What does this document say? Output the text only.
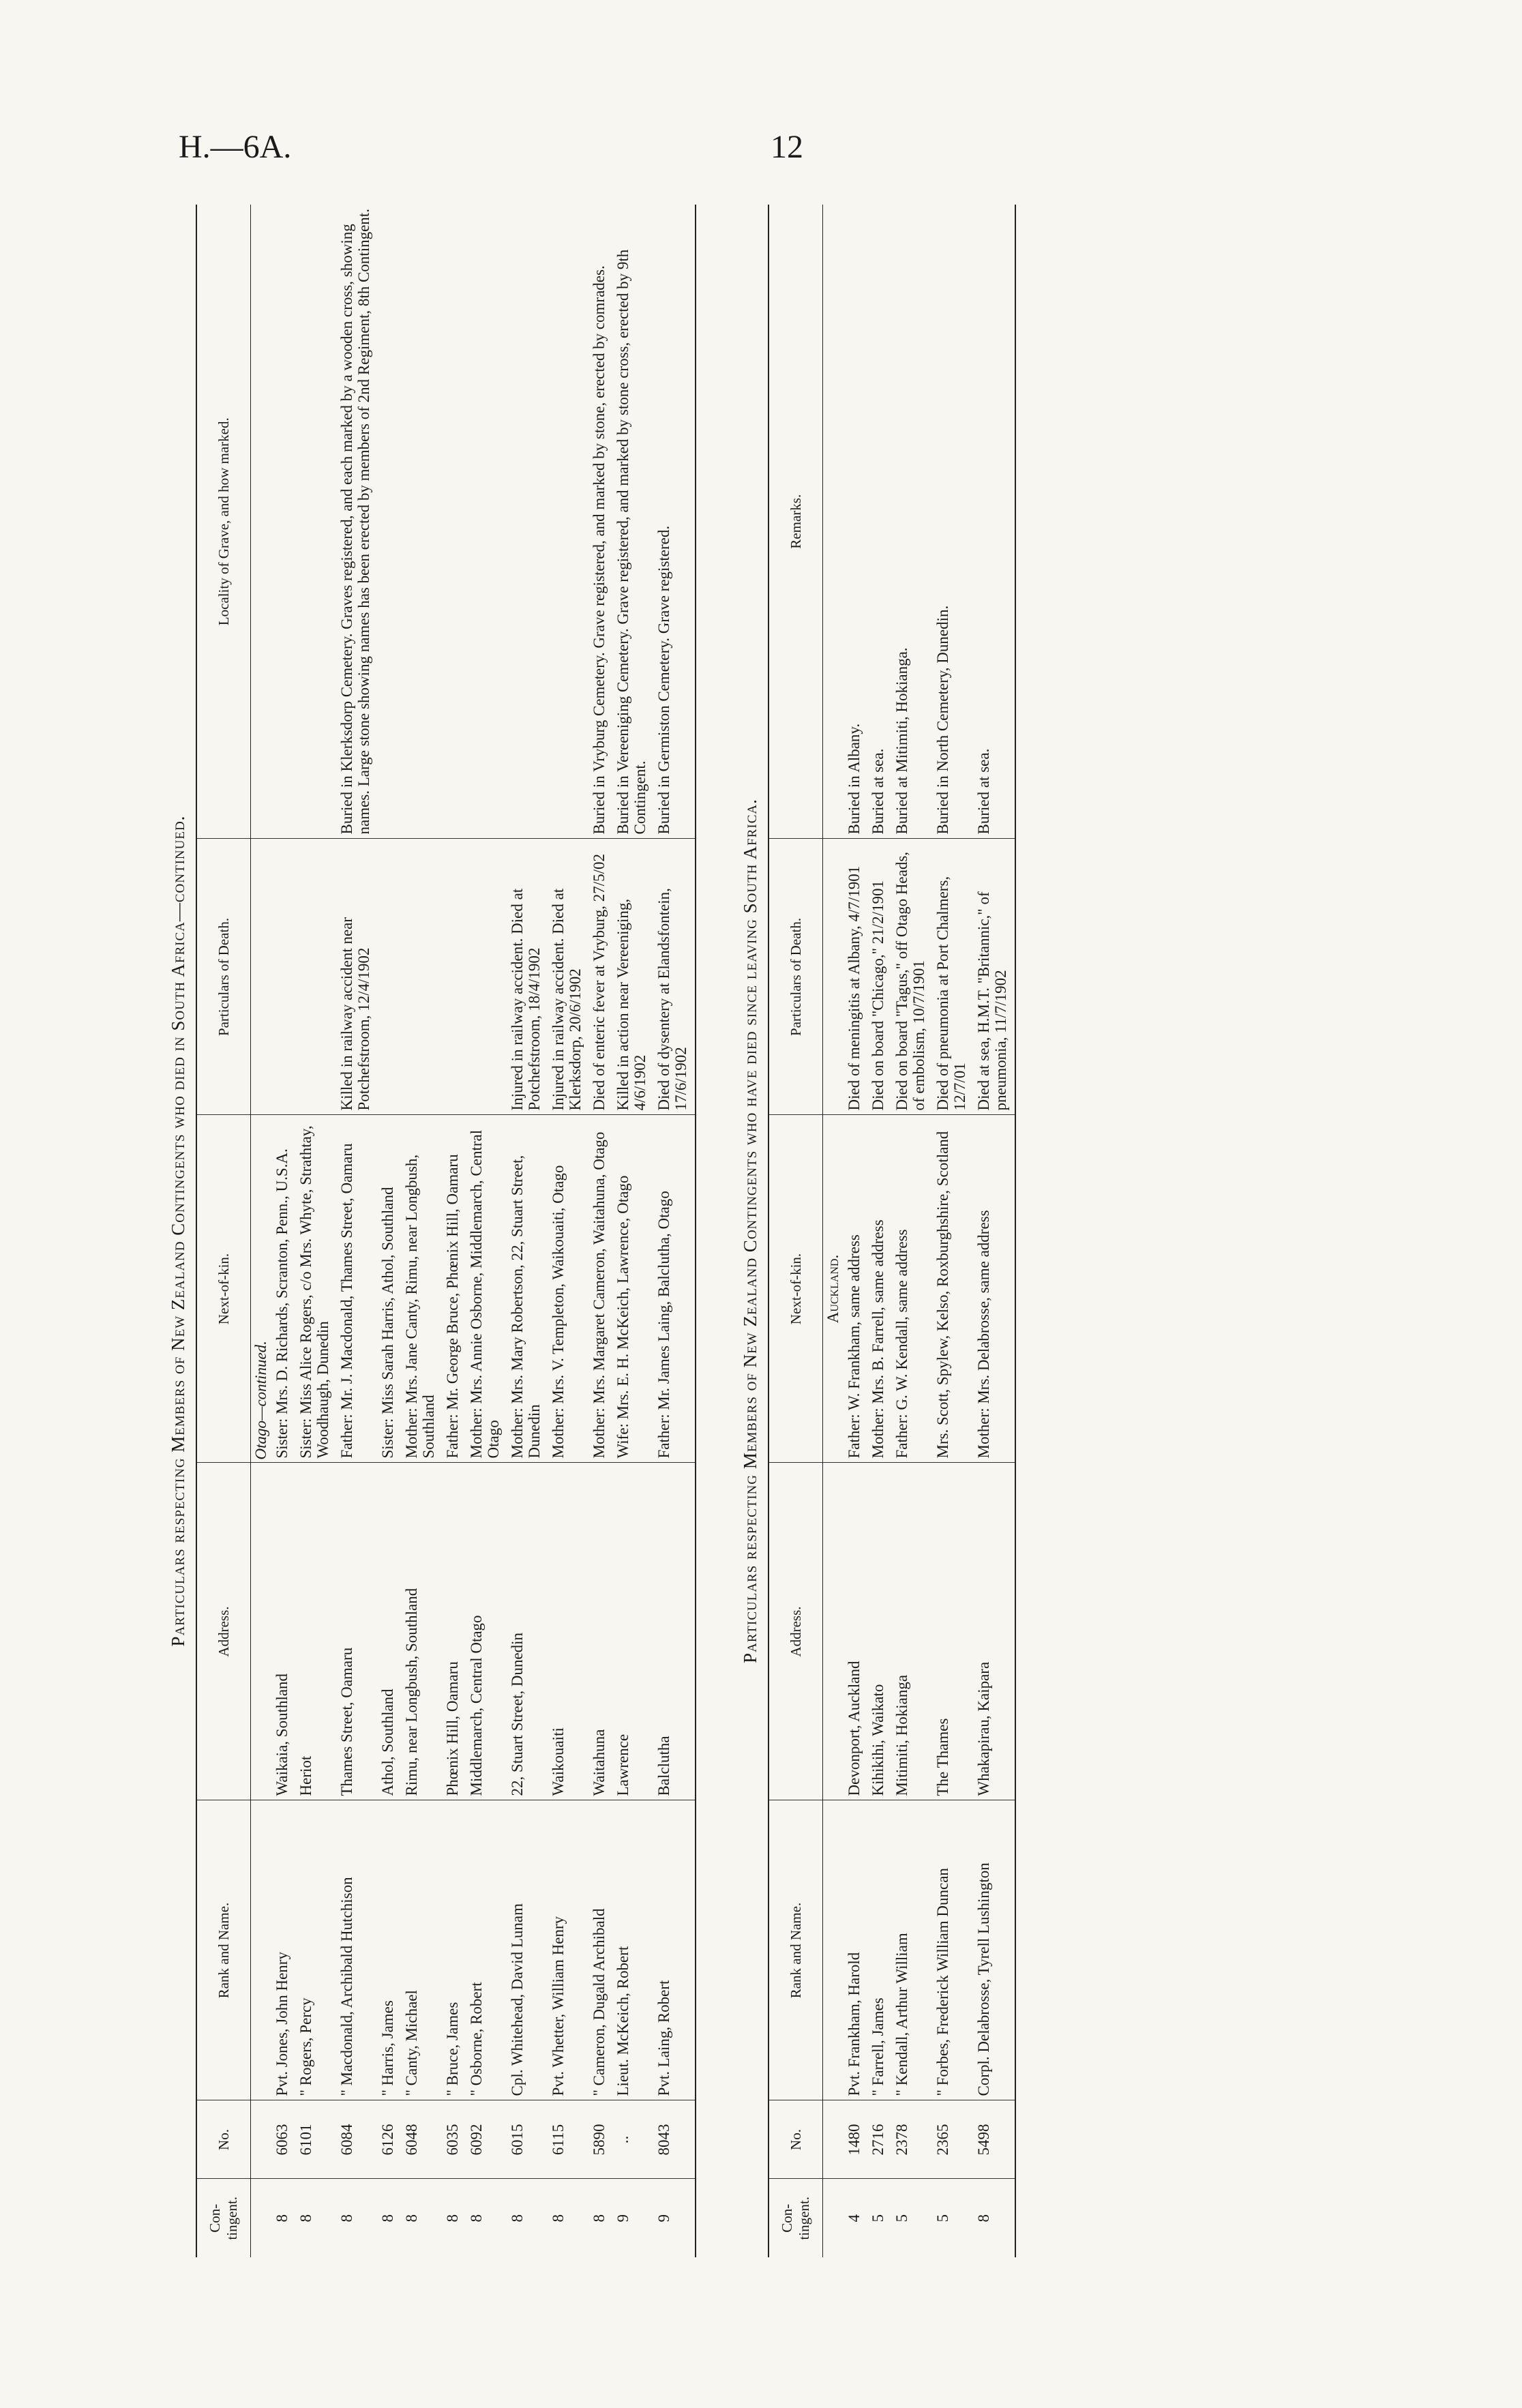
H.—6A.	12
Particulars respecting Members of New Zealand Contingents who died in South Africa—continued.
Con- tingent.	No.	Rank and Name.	Address.	Next-of-kin.	Particulars of Death.	Locality of Grave, and how marked.
				Otago—continued.		
8	6063	Pvt. Jones, John Henry	Waikaia, Southland	Sister: Mrs. D. Richards, Scranton, Penn., U.S.A.		
8	6101	" Rogers, Percy	Heriot	Sister: Miss Alice Rogers, c/o Mrs. Whyte, Strathtay, Woodhaugh, Dunedin		
8	6084	" Macdonald, Archibald Hutchison	Thames Street, Oamaru	Father: Mr. J. Macdonald, Thames Street, Oamaru	Killed in railway accident near Potchefstroom, 12/4/1902	Buried in Klerksdorp Cemetery. Graves registered, and each marked by a wooden cross, showing names. Large stone showing names has been erected by members of 2nd Regiment, 8th Contingent.
8	6126	" Harris, James	Athol, Southland	Sister: Miss Sarah Harris, Athol, Southland		
8	6048	" Canty, Michael	Rimu, near Longbush, Southland	Mother: Mrs. Jane Canty, Rimu, near Longbush, Southland		
8	6035	" Bruce, James	Phœnix Hill, Oamaru	Father: Mr. George Bruce, Phœnix Hill, Oamaru		
8	6092	" Osborne, Robert	Middlemarch, Central Otago	Mother: Mrs. Annie Osborne, Middlemarch, Central Otago		
8	6015	Cpl. Whitehead, David Lunam	22, Stuart Street, Dunedin	Mother: Mrs. Mary Robertson, 22, Stuart Street, Dunedin	Injured in railway accident. Died at Potchefstroom, 18/4/1902	
8	6115	Pvt. Whetter, William Henry	Waikouaiti	Mother: Mrs. V. Templeton, Waikouaiti, Otago	Injured in railway accident. Died at Klerksdorp, 20/6/1902	
8	5890	" Cameron, Dugald Archibald	Waitahuna	Mother: Mrs. Margaret Cameron, Waitahuna, Otago	Died of enteric fever at Vryburg, 27/5/02	Buried in Vryburg Cemetery. Grave registered, and marked by stone, erected by comrades.
9	..	Lieut. McKeich, Robert	Lawrence	Wife: Mrs. E. H. McKeich, Lawrence, Otago	Killed in action near Vereeniging, 4/6/1902	Buried in Vereeniging Cemetery. Grave registered, and marked by stone cross, erected by 9th Contingent.
9	8043	Pvt. Laing, Robert	Balclutha	Father: Mr. James Laing, Balclutha, Otago	Died of dysentery at Elandsfontein, 17/6/1902	Buried in Germiston Cemetery. Grave registered.
Particulars respecting Members of New Zealand Contingents who have died since leaving South Africa.
Con- tingent.	No.	Rank and Name.	Address.	Next-of-kin.	Particulars of Death.	Remarks.
				Auckland.		
4	1480	Pvt. Frankham, Harold	Devonport, Auckland	Father: W. Frankham, same address	Died of meningitis at Albany, 4/7/1901	Buried in Albany.
5	2716	" Farrell, James	Kihikihi, Waikato	Mother: Mrs. B. Farrell, same address	Died on board "Chicago," 21/2/1901	Buried at sea.
5	2378	" Kendall, Arthur William	Mitimiti, Hokianga	Father: G. W. Kendall, same address	Died on board "Tagus," off Otago Heads, of embolism, 10/7/1901	Buried at Mitimiti, Hokianga.
5	2365	" Forbes, Frederick William Duncan	The Thames	Mrs. Scott, Spylew, Kelso, Roxburghshire, Scotland	Died of pneumonia at Port Chalmers, 12/7/01	Buried in North Cemetery, Dunedin.
8	5498	Corpl. Delabrosse, Tyrell Lushington	Whakapirau, Kaipara	Mother: Mrs. Delabrosse, same address	Died at sea, H.M.T. "Britannic," of pneumonia, 11/7/1902	Buried at sea.
